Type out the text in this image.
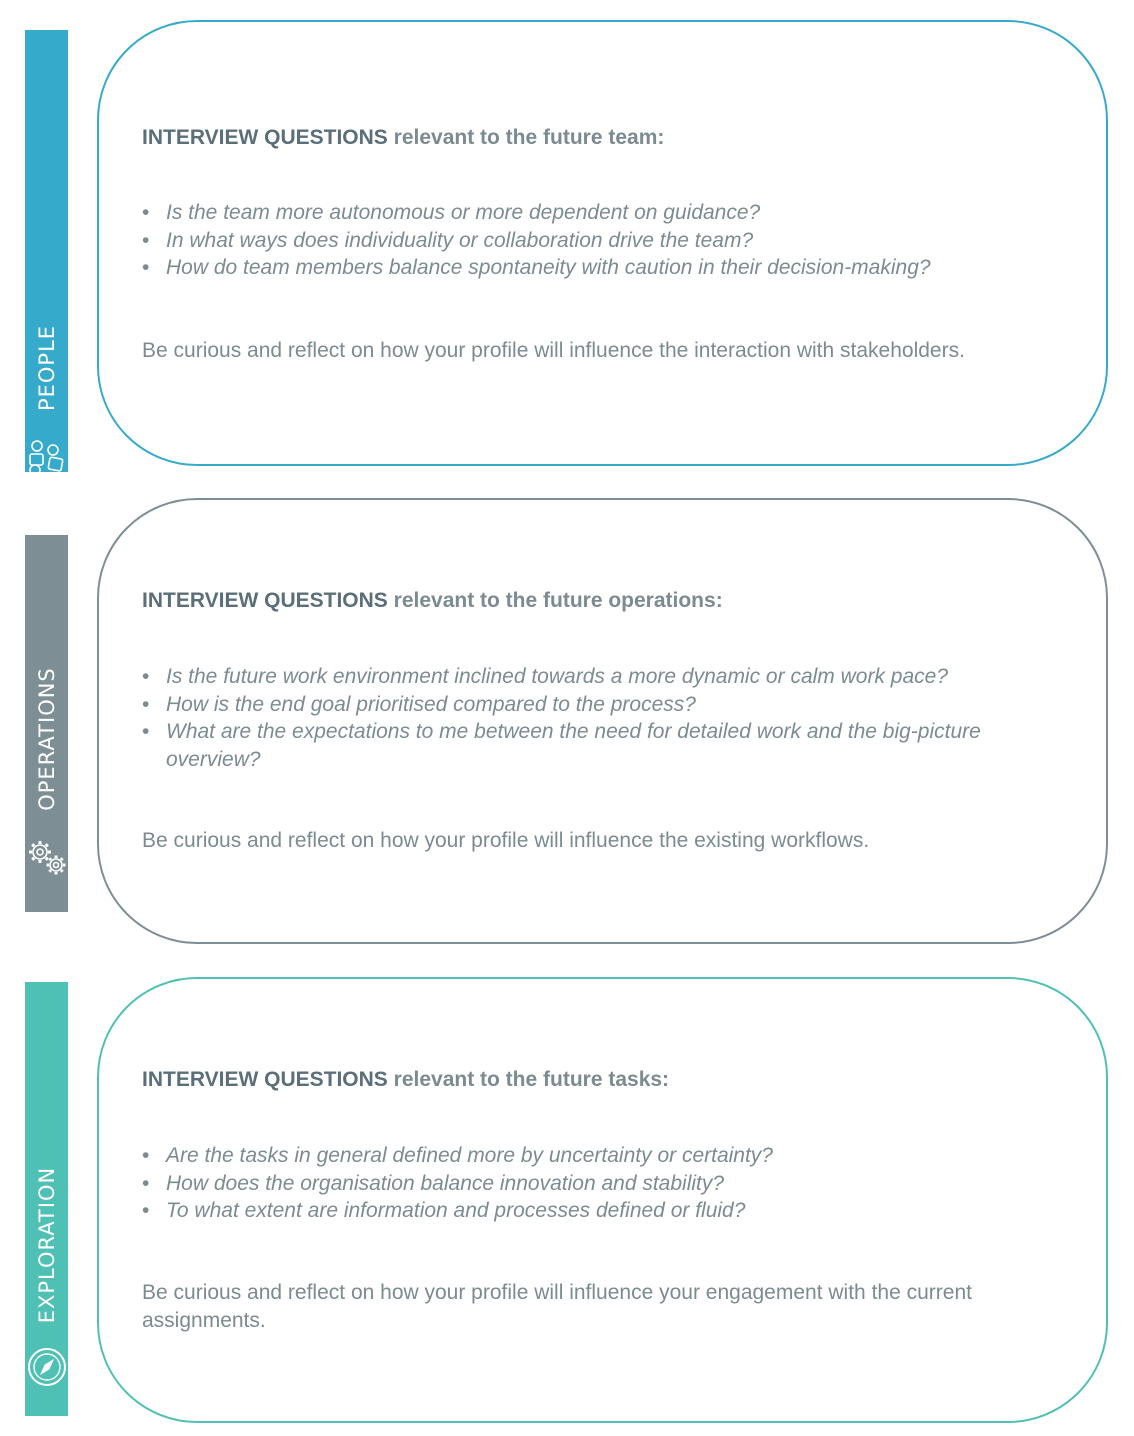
PEOPLE
INTERVIEW QUESTIONS relevant to the future team:
• Is the team more autonomous or more dependent on guidance?
• In what ways does individuality or collaboration drive the team?
• How do team members balance spontaneity with caution in their decision-making?
Be curious and reflect on how your profile will influence the interaction with stakeholders.
OPERATIONS
INTERVIEW QUESTIONS relevant to the future operations:
• Is the future work environment inclined towards a more dynamic or calm work pace?
• How is the end goal prioritised compared to the process?
• What are the expectations to me between the need for detailed work and the big-picture overview?
Be curious and reflect on how your profile will influence the existing workflows.
EXPLORATION
INTERVIEW QUESTIONS relevant to the future tasks:
• Are the tasks in general defined more by uncertainty or certainty?
• How does the organisation balance innovation and stability?
• To what extent are information and processes defined or fluid?
Be curious and reflect on how your profile will influence your engagement with the current assignments.
